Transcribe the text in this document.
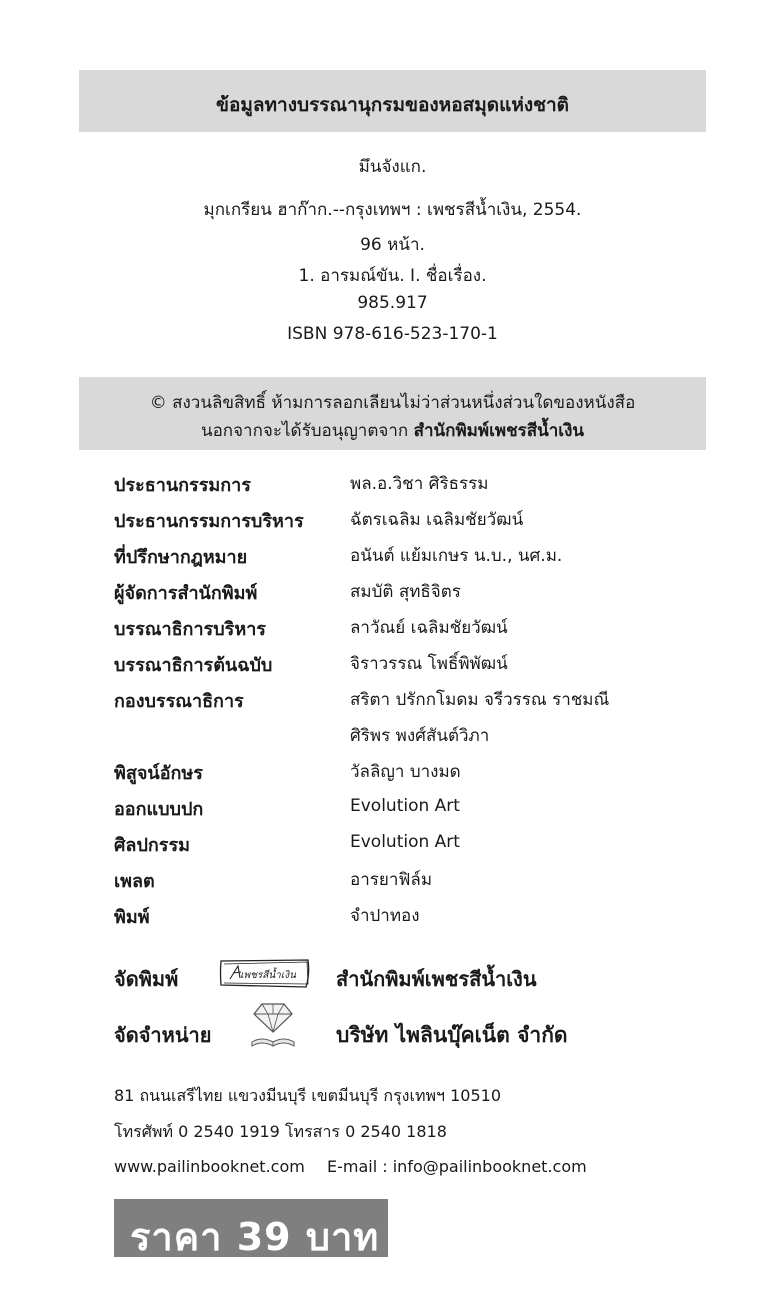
ข้อมูลทางบรรณานุกรมของหอสมุดแห่งชาติ
มึนจังแก.
มุกเกรียน ฮาก๊าก.--กรุงเทพฯ : เพชรสีน้ำเงิน, 2554.
96 หน้า.
1. อารมณ์ขัน. I. ชื่อเรื่อง.
985.917
ISBN 978-616-523-170-1
© สงวนลิขสิทธิ์ ห้ามการลอกเลียนไม่ว่าส่วนหนึ่งส่วนใดของหนังสือ
นอกจากจะได้รับอนุญาตจาก สำนักพิมพ์เพชรสีน้ำเงิน
ประธานกรรมการ	พล.อ.วิชา ศิริธรรม
ประธานกรรมการบริหาร	ฉัตรเฉลิม เฉลิมชัยวัฒน์
ที่ปรึกษากฎหมาย	อนันต์ แย้มเกษร น.บ., นศ.ม.
ผู้จัดการสำนักพิมพ์	สมบัติ สุทธิจิตร
บรรณาธิการบริหาร	ลาวัณย์ เฉลิมชัยวัฒน์
บรรณาธิการต้นฉบับ	จิราวรรณ โพธิ์พิพัฒน์
กองบรรณาธิการ	สริตา ปรักกโมดม จรีวรรณ ราชมณี
ศิริพร พงศ์สันต์วิภา
พิสูจน์อักษร	วัลลิญา บางมด
ออกแบบปก	Evolution Art
ศิลปกรรม	Evolution Art
เพลต	อารยาฟิล์ม
พิมพ์	จำปาทอง
จัดพิมพ์	เพชรสีน้ำเงิน สำนักพิมพ์เพชรสีน้ำเงิน
จัดจำหน่าย	บริษัท ไพลินบุ๊คเน็ต จำกัด
81 ถนนเสรีไทย แขวงมีนบุรี เขตมีนบุรี กรุงเทพฯ 10510
โทรศัพท์ 0 2540 1919 โทรสาร 0 2540 1818
www.pailinbooknet.com E-mail : info@pailinbooknet.com
ราคา 39 บาท
